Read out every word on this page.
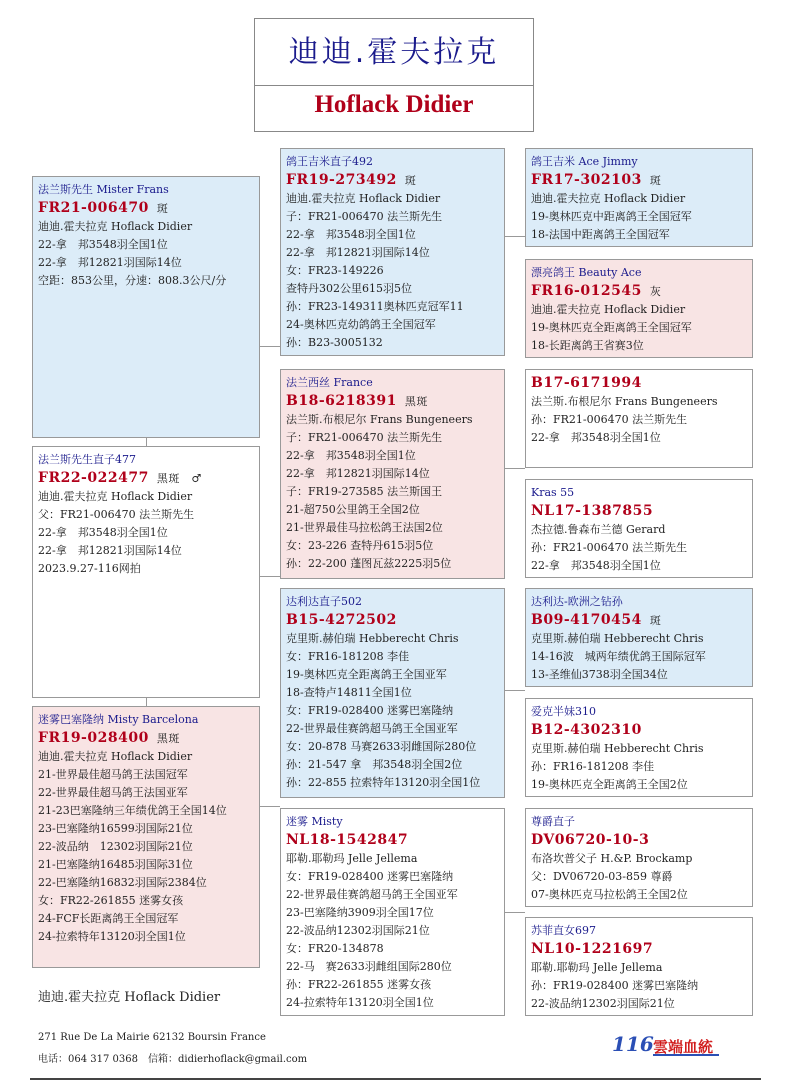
迪迪.霍夫拉克
Hoflack Didier
法兰斯先生 Mister Frans
FR21-006470 斑
迪迪.霍夫拉克 Hoflack Didier
22-拿　邦3548羽全国1位
22-拿　邦12821羽国际14位
空距：853公里，分速：808.3公尺/分
法兰斯先生直子477
FR22-022477 黑斑　♂
迪迪.霍夫拉克 Hoflack Didier
父：FR21-006470 法兰斯先生
22-拿　邦3548羽全国1位
22-拿　邦12821羽国际14位
2023.9.27-116网拍
迷雾巴塞隆纳 Misty Barcelona
FR19-028400 黑斑
迪迪.霍夫拉克 Hoflack Didier
21-世界最佳超马鸽王法国冠军
22-世界最佳超马鸽王法国亚军
21-23巴塞隆纳三年绩优鸽王全国14位
23-巴塞隆纳16599羽国际21位
22-波品纳　12302羽国际21位
21-巴塞隆纳16485羽国际31位
22-巴塞隆纳16832羽国际2384位
女：FR22-261855 迷雾女孩
24-FCF长距离鸽王全国冠军
24-拉索特年13120羽全国1位
鸽王吉米直子492
FR19-273492 斑
迪迪.霍夫拉克 Hoflack Didier
子：FR21-006470 法兰斯先生
22-拿　邦3548羽全国1位
22-拿　邦12821羽国际14位
女：FR23-149226
查特丹302公里615羽5位
孙：FR23-149311奥林匹克冠军11
24-奥林匹克幼鸽鸽王全国冠军
孙：B23-3005132
法兰西丝 France
B18-6218391 黑斑
法兰斯.布根尼尔 Frans Bungeneers
子：FR21-006470 法兰斯先生
22-拿　邦3548羽全国1位
22-拿　邦12821羽国际14位
子：FR19-273585 法兰斯国王
21-超750公里鸽王全国2位
21-世界最佳马拉松鸽王法国2位
女：23-226 查特丹615羽5位
孙：22-200 蓬图瓦兹2225羽5位
达利达直子502
B15-4272502
克里斯.赫伯瑞 Hebberecht Chris
女：FR16-181208 李佳
19-奥林匹克全距离鸽王全国亚军
18-查特卢14811全国1位
女：FR19-028400 迷雾巴塞隆纳
22-世界最佳赛鸽超马鸽王全国亚军
女：20-878 马赛2633羽雌国际280位
孙：21-547 拿　邦3548羽全国2位
孙：22-855 拉索特年13120羽全国1位
迷雾 Misty
NL18-1542847
耶勒.耶勒玛 Jelle Jellema
女：FR19-028400 迷雾巴塞隆纳
22-世界最佳赛鸽超马鸽王全国亚军
23-巴塞隆纳3909羽全国17位
22-波品纳12302羽国际21位
女：FR20-134878
22-马　赛2633羽雌组国际280位
孙：FR22-261855 迷雾女孩
24-拉索特年13120羽全国1位
鸽王吉米 Ace Jimmy
FR17-302103 斑
迪迪.霍夫拉克 Hoflack Didier
19-奥林匹克中距离鸽王全国冠军
18-法国中距离鸽王全国冠军
漂亮鸽王 Beauty Ace
FR16-012545 灰
迪迪.霍夫拉克 Hoflack Didier
19-奥林匹克全距离鸽王全国冠军
18-长距离鸽王省赛3位
B17-6171994
法兰斯.布根尼尔 Frans Bungeneers
孙：FR21-006470 法兰斯先生
22-拿　邦3548羽全国1位
Kras 55
NL17-1387855
杰拉德.鲁森布兰德 Gerard
孙：FR21-006470 法兰斯先生
22-拿　邦3548羽全国1位
达利达-欧洲之钻孙
B09-4170454 斑
克里斯.赫伯瑞 Hebberecht Chris
14-16波　城两年绩优鸽王国际冠军
13-圣维仙3738羽全国34位
爱克半妹310
B12-4302310
克里斯.赫伯瑞 Hebberecht Chris
孙：FR16-181208 李佳
19-奥林匹克全距离鸽王全国2位
尊爵直子
DV06720-10-3
布洛坎普父子 H.&P. Brockamp
父：DV06720-03-859 尊爵
07-奥林匹克马拉松鸽王全国2位
苏菲直女697
NL10-1221697
耶勒.耶勒玛 Jelle Jellema
孙：FR19-028400 迷雾巴塞隆纳
22-波品纳12302羽国际21位
迪迪.霍夫拉克 Hoflack Didier
271 Rue De La Mairie 62132 Boursin France
电话：064 317 0368　信箱：didierhoflack@gmail.com
116 雲端血統
